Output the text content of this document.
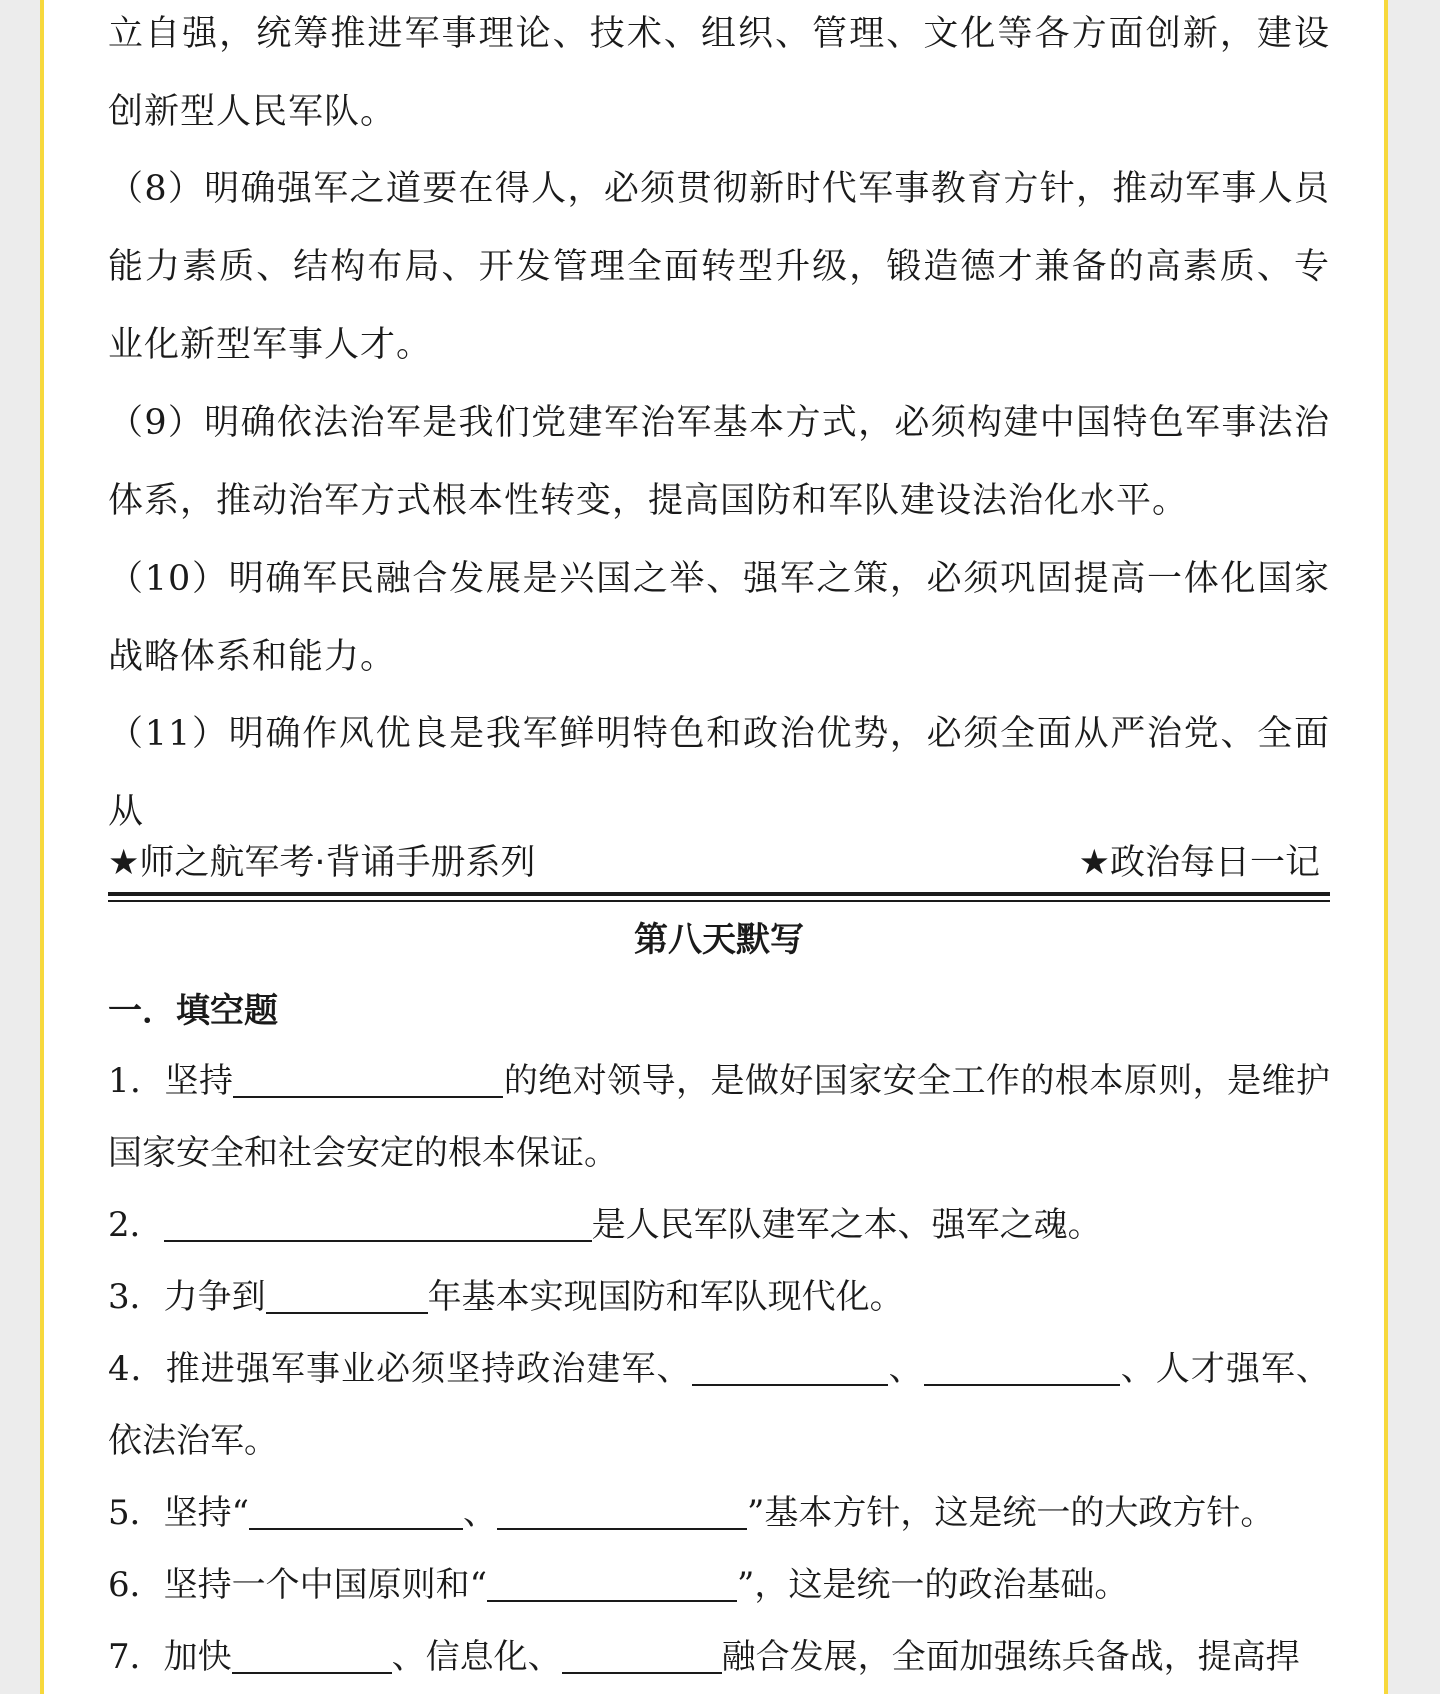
立自强，统筹推进军事理论、技术、组织、管理、文化等各方面创新，建设创新型人民军队。
（8）明确强军之道要在得人，必须贯彻新时代军事教育方针，推动军事人员能力素质、结构布局、开发管理全面转型升级，锻造德才兼备的高素质、专业化新型军事人才。
（9）明确依法治军是我们党建军治军基本方式，必须构建中国特色军事法治体系，推动治军方式根本性转变，提高国防和军队建设法治化水平。
（10）明确军民融合发展是兴国之举、强军之策，必须巩固提高一体化国家战略体系和能力。
（11）明确作风优良是我军鲜明特色和政治优势，必须全面从严治党、全面从
★师之航军考·背诵手册系列	★政治每日一记
第八天默写
一．填空题
1．坚持	的绝对领导，是做好国家安全工作的根本原则，是维护国家安全和社会安定的根本保证。
2．	是人民军队建军之本、强军之魂。
3．力争到	年基本实现国防和军队现代化。
4．推进强军事业必须坚持政治建军、	、	、人才强军、依法治军。
5．坚持“	、	”基本方针，这是统一的大政方针。
6．坚持一个中国原则和“	”，这是统一的政治基础。
7．加快	、信息化、	融合发展，全面加强练兵备战，提高捍
